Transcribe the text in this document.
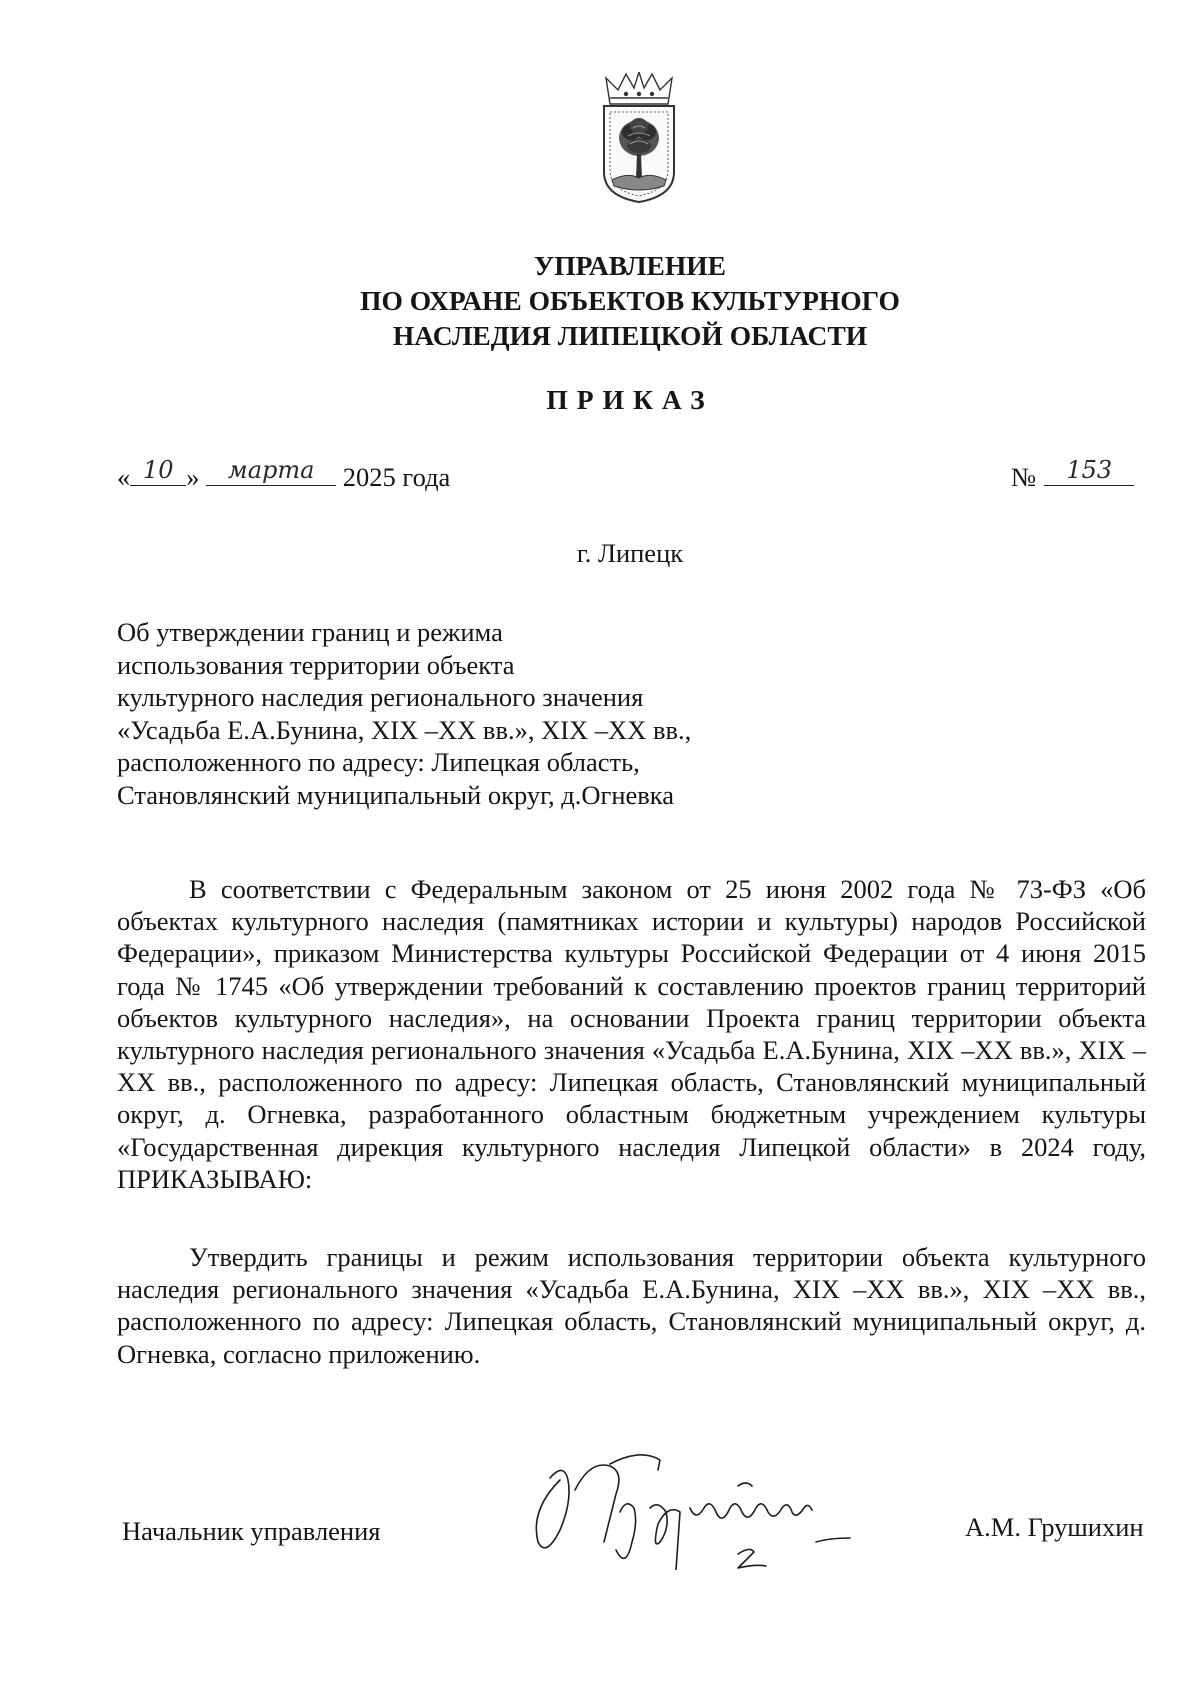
УПРАВЛЕНИЕ
ПО ОХРАНЕ ОБЪЕКТОВ КУЛЬТУРНОГО
НАСЛЕДИЯ ЛИПЕЦКОЙ ОБЛАСТИ
ПРИКАЗ
« 10 »	марта	2025 года	№	153
г. Липецк
Об утверждении границ и режима
использования территории объекта
культурного наследия регионального значения
«Усадьба Е.А.Бунина, XIX –XX вв.», XIX –XX вв.,
расположенного по адресу: Липецкая область,
Становлянский муниципальный округ, д.Огневка
В соответствии с Федеральным законом от 25 июня 2002 года № 73-ФЗ «Об объектах культурного наследия (памятниках истории и культуры) народов Российской Федерации», приказом Министерства культуры Российской Федерации от 4 июня 2015 года № 1745 «Об утверждении требований к составлению проектов границ территорий объектов культурного наследия», на основании Проекта границ территории объекта культурного наследия регионального значения «Усадьба Е.А.Бунина, XIX –XX вв.», XIX –XX вв., расположенного по адресу: Липецкая область, Становлянский муниципальный округ, д. Огневка, разработанного областным бюджетным учреждением культуры «Государственная дирекция культурного наследия Липецкой области» в 2024 году, ПРИКАЗЫВАЮ:
Утвердить границы и режим использования территории объекта культурного наследия регионального значения «Усадьба Е.А.Бунина, XIX –XX вв.», XIX –XX вв., расположенного по адресу: Липецкая область, Становлянский муниципальный округ, д. Огневка, согласно приложению.
Начальник управления
Грушихин
А.М. Грушихин
